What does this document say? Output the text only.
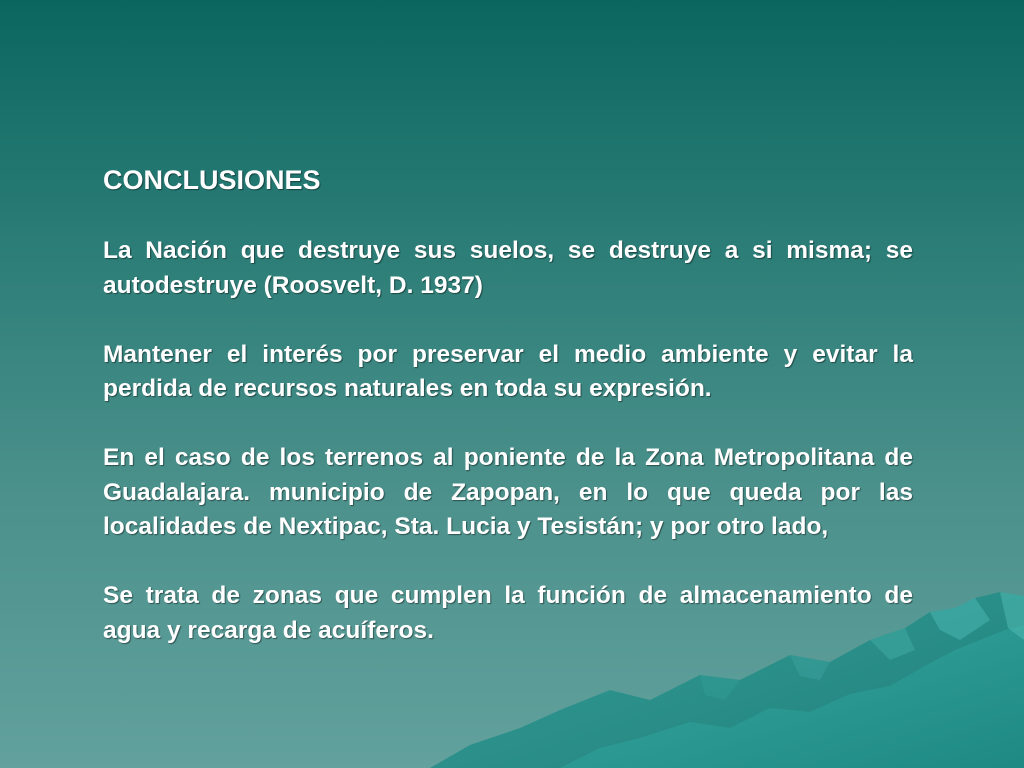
CONCLUSIONES

La Nación que destruye sus suelos, se destruye a si misma; se autodestruye (Roosvelt, D. 1937)

Mantener el interés por preservar el medio ambiente y evitar la perdida de recursos naturales en toda su expresión.

En el caso de los terrenos al poniente de la Zona Metropolitana de Guadalajara. municipio de Zapopan, en lo que queda por las localidades de Nextipac, Sta. Lucia y Tesistán; y por otro lado,

Se trata de zonas que cumplen la función de almacenamiento de agua y recarga de acuíferos.
